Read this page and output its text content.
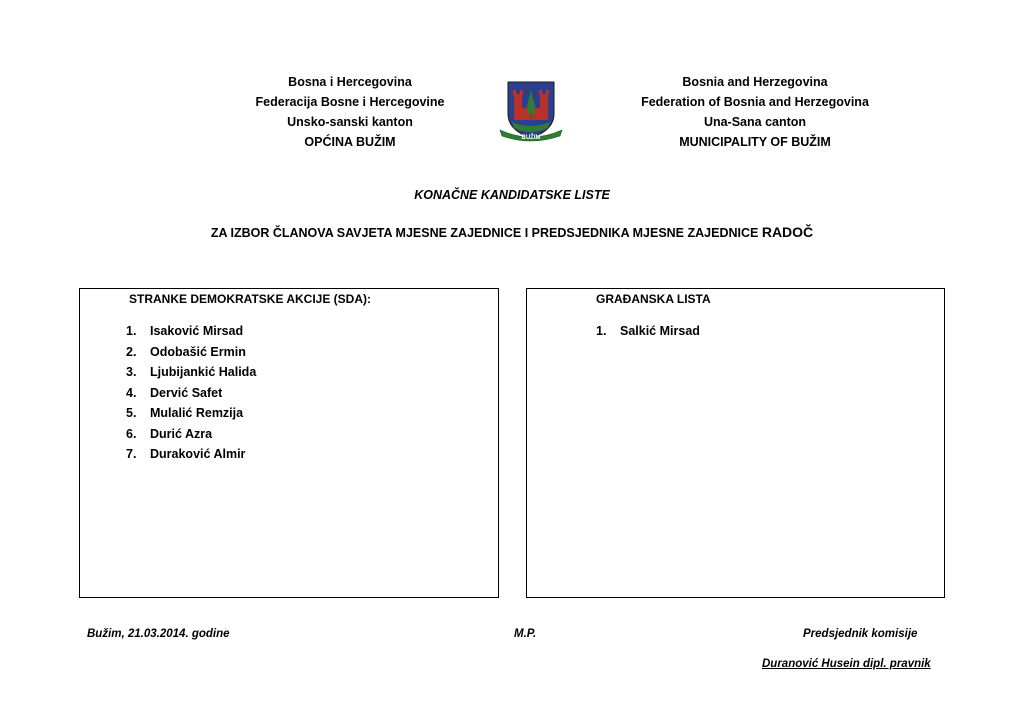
Bosna i Hercegovina
Federacija Bosne i Hercegovine
Unsko-sanski kanton
OPĆINA BUŽIM	BUŽIM
Bosnia and Herzegovina
Federation of Bosnia and Herzegovina
Una-Sana canton
MUNICIPALITY OF BUŽIM
KONAČNE KANDIDATSKE LISTE
ZA IZBOR ČLANOVA SAVJETA MJESNE ZAJEDNICE I PREDSJEDNIKA MJESNE ZAJEDNICE RADOČ
STRANKE DEMOKRATSKE AKCIJE (SDA):
1. Isaković Mirsad
2. Odobašić Ermin
3. Ljubijankić Halida
4. Dervić Safet
5. Mulalić Remzija
6. Durić Azra
7. Duraković Almir
GRAĐANSKA LISTA
1. Salkić Mirsad
Bužim, 21.03.2014. godine	M.P.	Predsjednik komisije
Duranović Husein dipl. pravnik
